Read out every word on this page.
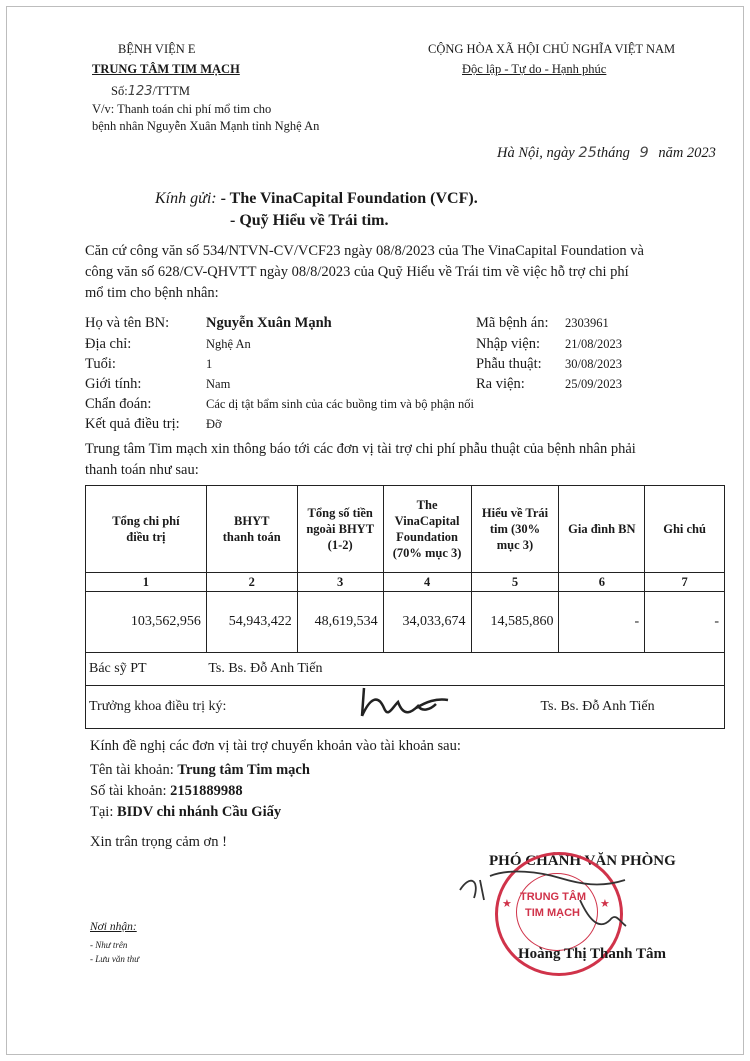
BỆNH VIỆN E
TRUNG TÂM TIM MẠCH
Số:123/TTTM
V/v: Thanh toán chi phí mổ tim cho
bệnh nhân Nguyễn Xuân Mạnh tỉnh Nghệ An
CỘNG HÒA XÃ HỘI CHỦ NGHĨA VIỆT NAM
Độc lập - Tự do - Hạnh phúc
Hà Nội, ngày 25tháng 9 năm 2023
Kính gửi: - The VinaCapital Foundation (VCF).
- Quỹ Hiểu về Trái tim.
Căn cứ công văn số 534/NTVN-CV/VCF23 ngày 08/8/2023 của The VinaCapital Foundation và
công văn số 628/CV-QHVTT ngày 08/8/2023 của Quỹ Hiểu về Trái tim về việc hỗ trợ chi phí
mổ tim cho bệnh nhân:
Họ và tên BN:	Nguyễn Xuân Mạnh
Địa chỉ:	Nghệ An
Tuổi:	1
Giới tính:	Nam
Chẩn đoán:	Các dị tật bẩm sinh của các buồng tim và bộ phận nối
Kết quả điều trị: Đỡ
Mã bệnh án: 2303961
Nhập viện: 21/08/2023
Phẫu thuật: 30/08/2023
Ra viện:	25/09/2023
Trung tâm Tim mạch xin thông báo tới các đơn vị tài trợ chi phí phẫu thuật của bệnh nhân phải
thanh toán như sau:
Tổng chi phí
điều trị	BHYT
thanh toán	Tổng số tiền
ngoài BHYT
(1-2)	The
VinaCapital
Foundation
(70% mục 3)	Hiểu về Trái
tim (30%
mục 3)	Gia đình BN	Ghi chú
1	2	3	4	5	6	7
103,562,956	54,943,422	48,619,534	34,033,674	14,585,860	-	-
Bác sỹ PT	Ts. Bs. Đỗ Anh Tiến					
Trưởng khoa điều trị ký:				Ts. Bs. Đỗ Anh Tiến		
Kính đề nghị các đơn vị tài trợ chuyển khoản vào tài khoản sau:
Tên tài khoản: Trung tâm Tim mạch
Số tài khoản: 2151889988
Tại: BIDV chi nhánh Cầu Giấy
Xin trân trọng cảm ơn !
PHÓ CHÁNH VĂN PHÒNG
TRUNG TÂM
TIM MẠCH
★	★
Hoàng Thị Thanh Tâm
Nơi nhận:
- Như trên
- Lưu văn thư
